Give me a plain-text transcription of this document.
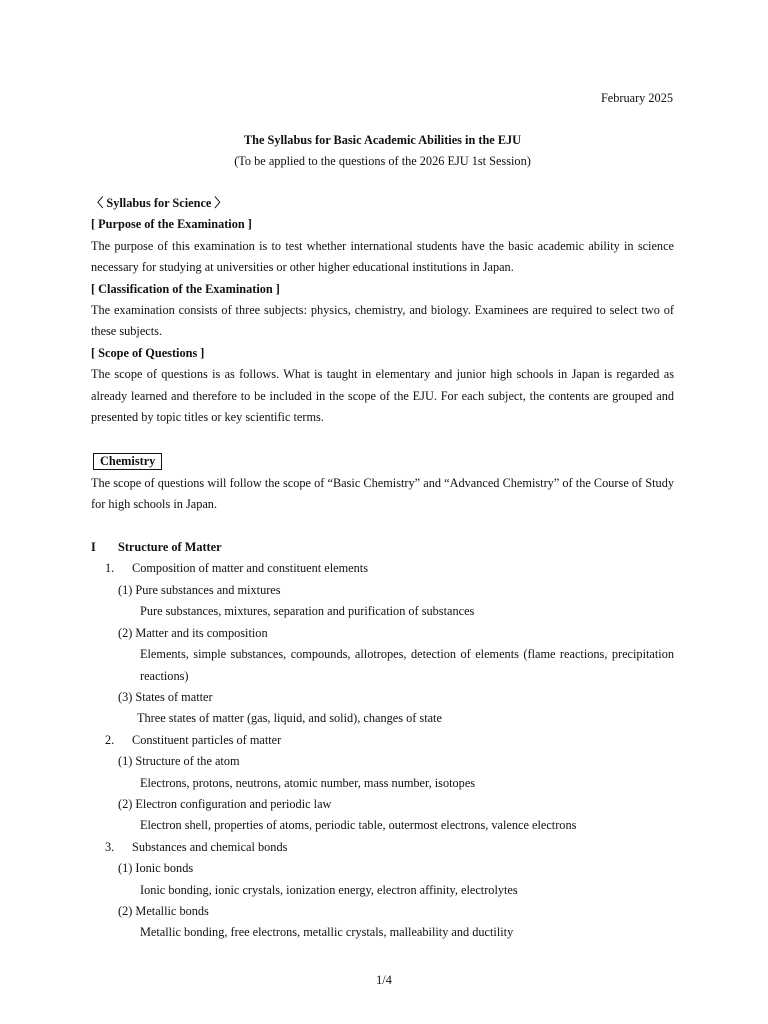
February 2025
The Syllabus for Basic Academic Abilities in the EJU
(To be applied to the questions of the 2026 EJU 1st Session)
〈 Syllabus for Science 〉
[ Purpose of the Examination ]
The purpose of this examination is to test whether international students have the basic academic ability in science necessary for studying at universities or other higher educational institutions in Japan.
[ Classification of the Examination ]
The examination consists of three subjects: physics, chemistry, and biology. Examinees are required to select two of these subjects.
[ Scope of Questions ]
The scope of questions is as follows. What is taught in elementary and junior high schools in Japan is regarded as already learned and therefore to be included in the scope of the EJU. For each subject, the contents are grouped and presented by topic titles or key scientific terms.
Chemistry
The scope of questions will follow the scope of “Basic Chemistry” and “Advanced Chemistry” of the Course of Study for high schools in Japan.
I Structure of Matter
1. Composition of matter and constituent elements
(1) Pure substances and mixtures
Pure substances, mixtures, separation and purification of substances
(2) Matter and its composition
Elements, simple substances, compounds, allotropes, detection of elements (flame reactions, precipitation reactions)
(3) States of matter
Three states of matter (gas, liquid, and solid), changes of state
2. Constituent particles of matter
(1) Structure of the atom
Electrons, protons, neutrons, atomic number, mass number, isotopes
(2) Electron configuration and periodic law
Electron shell, properties of atoms, periodic table, outermost electrons, valence electrons
3. Substances and chemical bonds
(1) Ionic bonds
Ionic bonding, ionic crystals, ionization energy, electron affinity, electrolytes
(2) Metallic bonds
Metallic bonding, free electrons, metallic crystals, malleability and ductility
1/4
